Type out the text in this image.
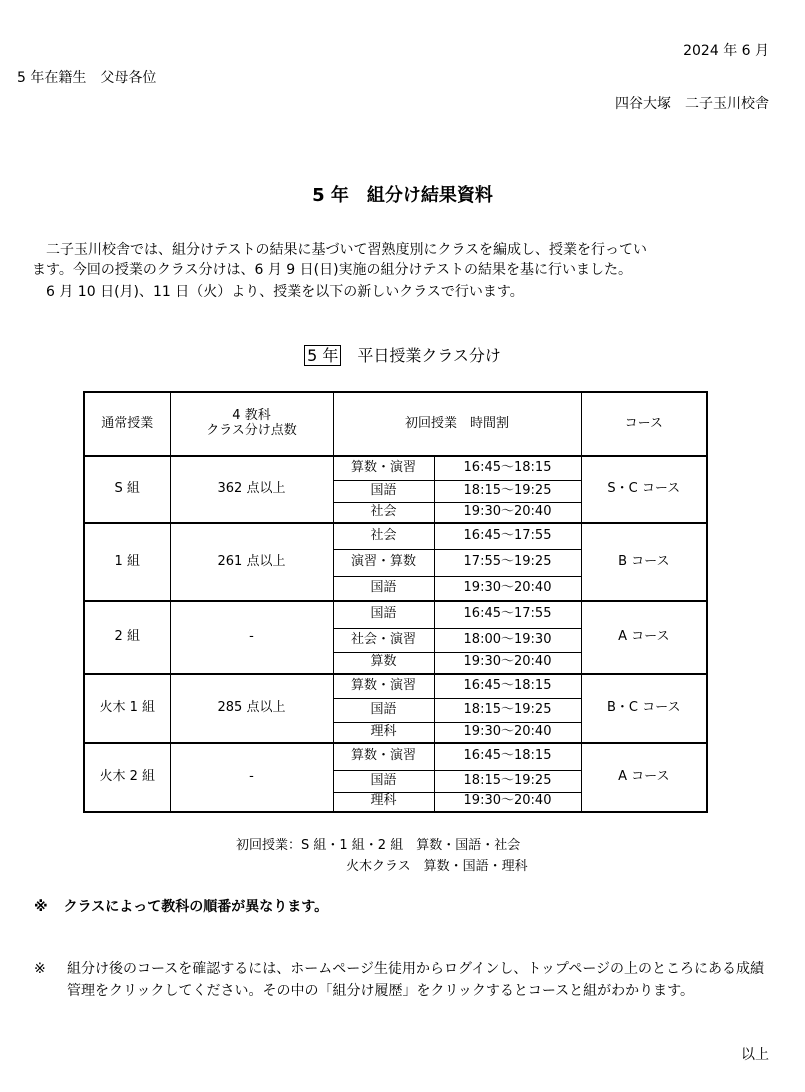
2024 年 6 月
5 年在籍生　父母各位
四谷大塚　二子玉川校舎
5 年　組分け結果資料
　二子玉川校舎では、組分けテストの結果に基づいて習熟度別にクラスを編成し、授業を行ってい
ます。今回の授業のクラス分けは、6 月 9 日(日)実施の組分けテストの結果を基に行いました。
　6 月 10 日(月)、11 日（火）より、授業を以下の新しいクラスで行います。
5 年 平日授業クラス分け
通常授業	4 教科
クラス分け点数	初回授業　時間割		コース
S 組	362 点以上	算数・演習	16:45～18:15	S・C コース
		国語	18:15～19:25	
		社会	19:30～20:40	
1 組	261 点以上	社会	16:45～17:55	B コース
		演習・算数	17:55～19:25	
		国語	19:30～20:40	
2 組	-	国語	16:45～17:55	A コース
		社会・演習	18:00～19:30	
		算数	19:30～20:40	
火木 1 組	285 点以上	算数・演習	16:45～18:15	B・C コース
		国語	18:15～19:25	
		理科	19:30～20:40	
火木 2 組	-	算数・演習	16:45～18:15	A コース
		国語	18:15～19:25	
		理科	19:30～20:40	
初回授業：S 組・1 組・2 組　算数・国語・社会
火木クラス　算数・国語・理科
※ クラスによって教科の順番が異なります。
※ 組分け後のコースを確認するには、ホームページ生徒用からログインし、トップページの上のところにある成績管理をクリックしてください。その中の「組分け履歴」をクリックするとコースと組がわかります。
以上
